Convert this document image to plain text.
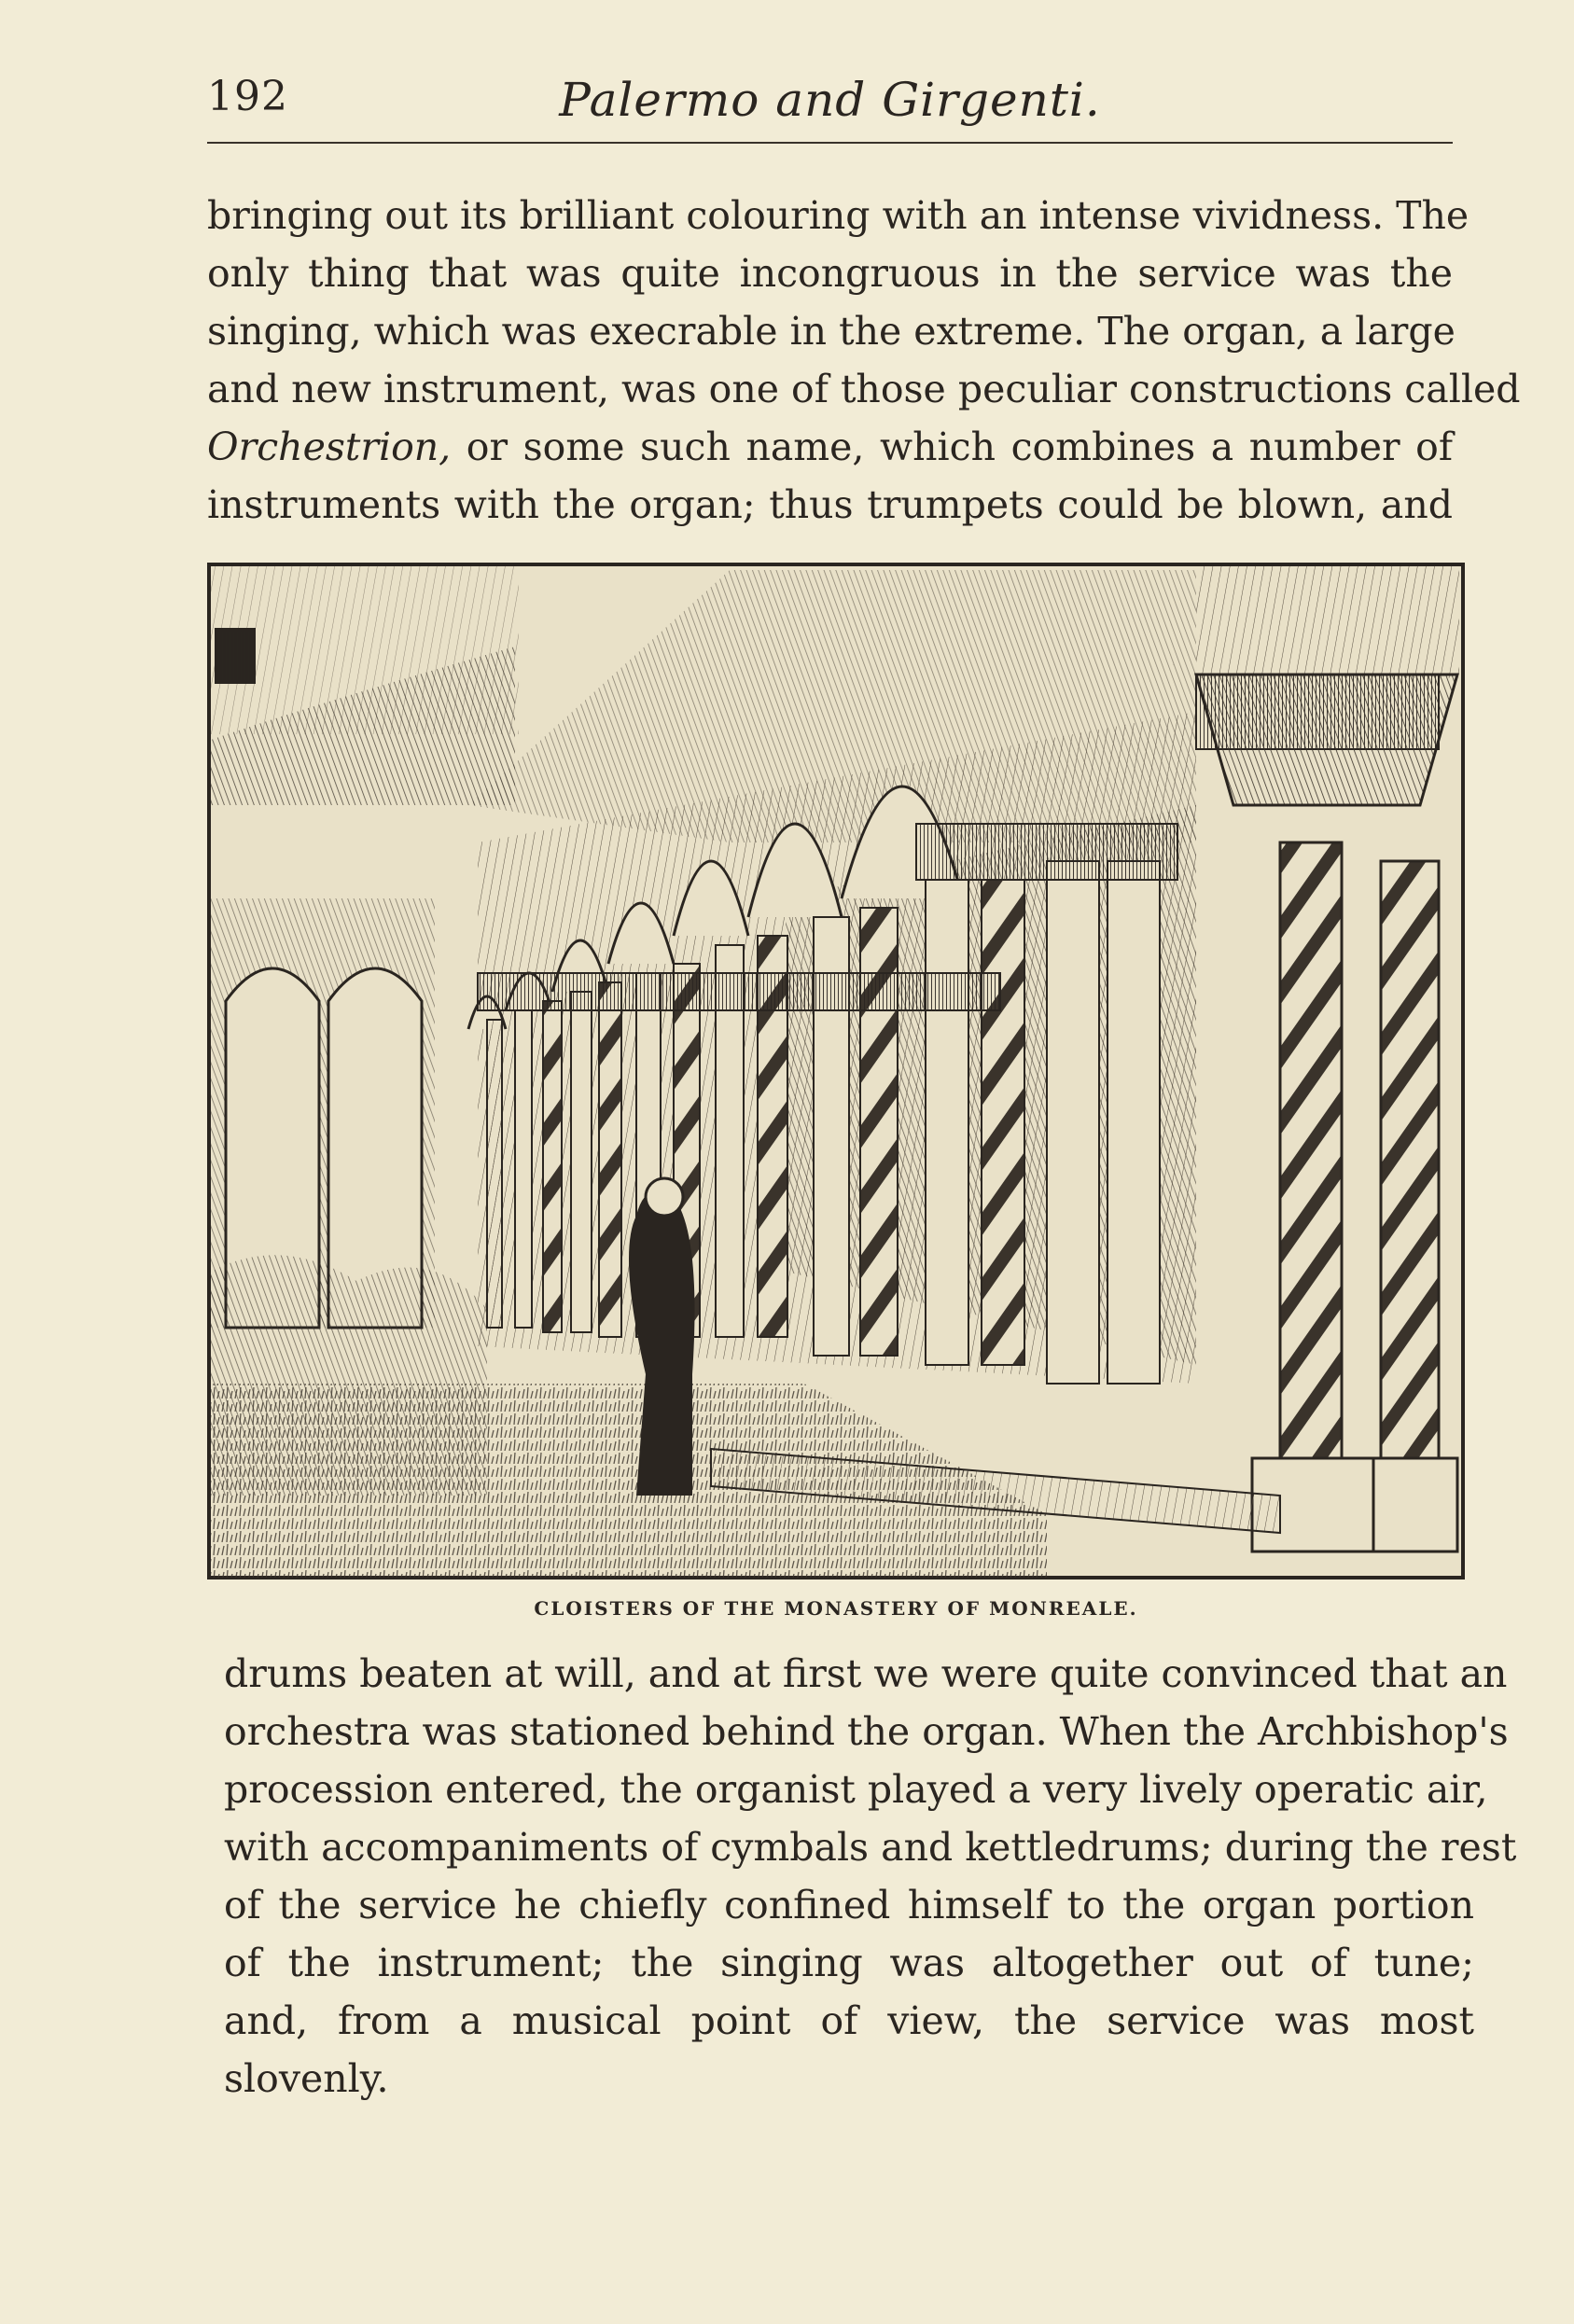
192	Palermo and Girgenti.
bringing out its brilliant colouring with an intense vividness. The
only thing that was quite incongruous in the service was the
singing, which was execrable in the extreme. The organ, a large
and new instrument, was one of those peculiar constructions called
Orchestrion, or some such name, which combines a number of
instruments with the organ; thus trumpets could be blown, and
CLOISTERS OF THE MONASTERY OF MONREALE.
drums beaten at will, and at first we were quite convinced that an
orchestra was stationed behind the organ. When the Archbishop's
procession entered, the organist played a very lively operatic air,
with accompaniments of cymbals and kettledrums; during the rest
of the service he chiefly confined himself to the organ portion
of the instrument; the singing was altogether out of tune;
and, from a musical point of view, the service was most
slovenly.
